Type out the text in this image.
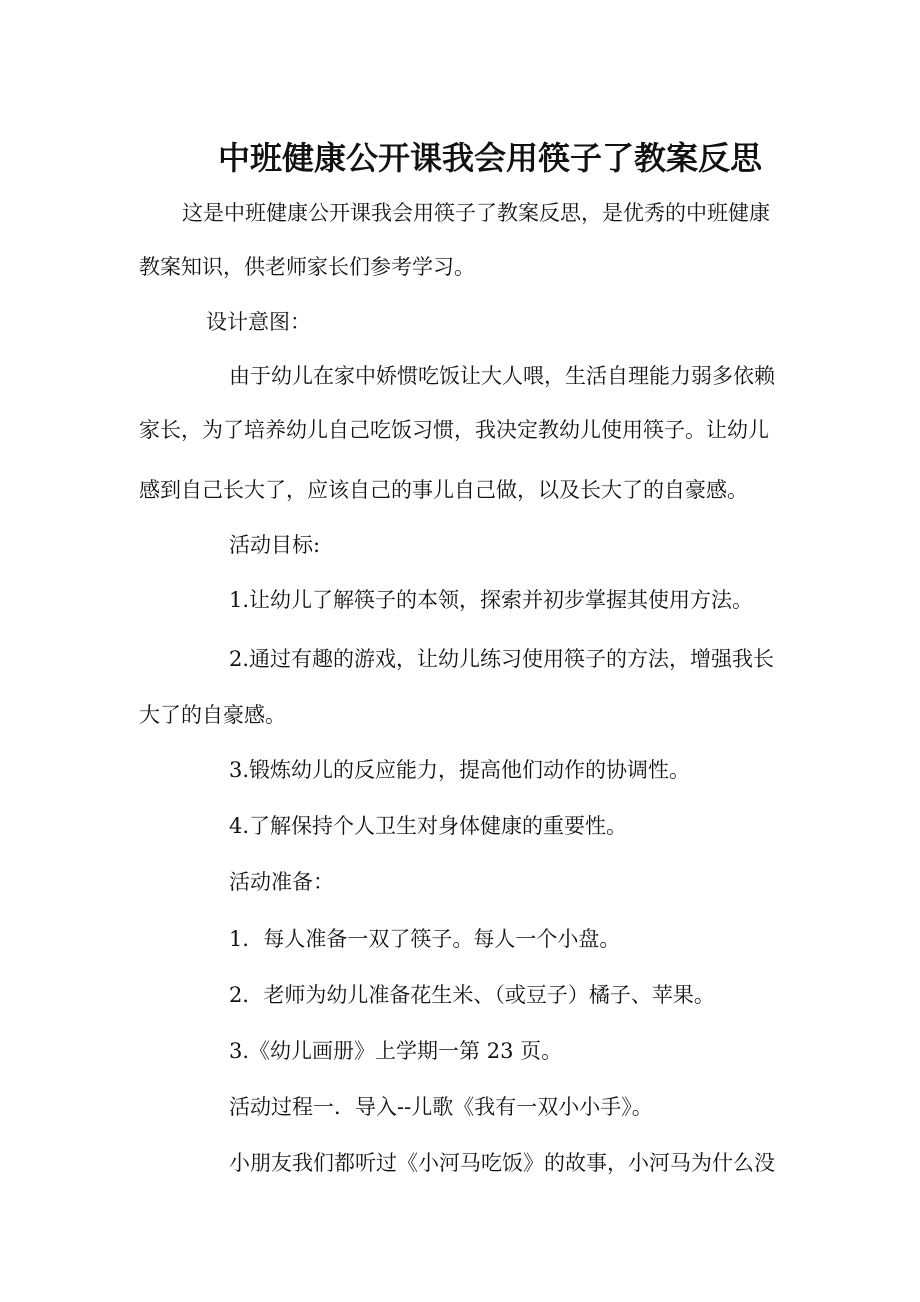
中班健康公开课我会用筷子了教案反思
这是中班健康公开课我会用筷子了教案反思，是优秀的中班健康
教案知识，供老师家长们参考学习。
设计意图：
由于幼儿在家中娇惯吃饭让大人喂，生活自理能力弱多依赖
家长，为了培养幼儿自己吃饭习惯，我决定教幼儿使用筷子。让幼儿
感到自己长大了，应该自己的事儿自己做，以及长大了的自豪感。
活动目标:
1.让幼儿了解筷子的本领，探索并初步掌握其使用方法。
2.通过有趣的游戏，让幼儿练习使用筷子的方法，增强我长
大了的自豪感。
3.锻炼幼儿的反应能力，提高他们动作的协调性。
4.了解保持个人卫生对身体健康的重要性。
活动准备：
1．每人准备一双了筷子。每人一个小盘。
2．老师为幼儿准备花生米、（或豆子）橘子、苹果。
3.《幼儿画册》上学期一第 23 页。
活动过程一．导入--儿歌《我有一双小小手》。
小朋友我们都听过《小河马吃饭》的故事，小河马为什么没
